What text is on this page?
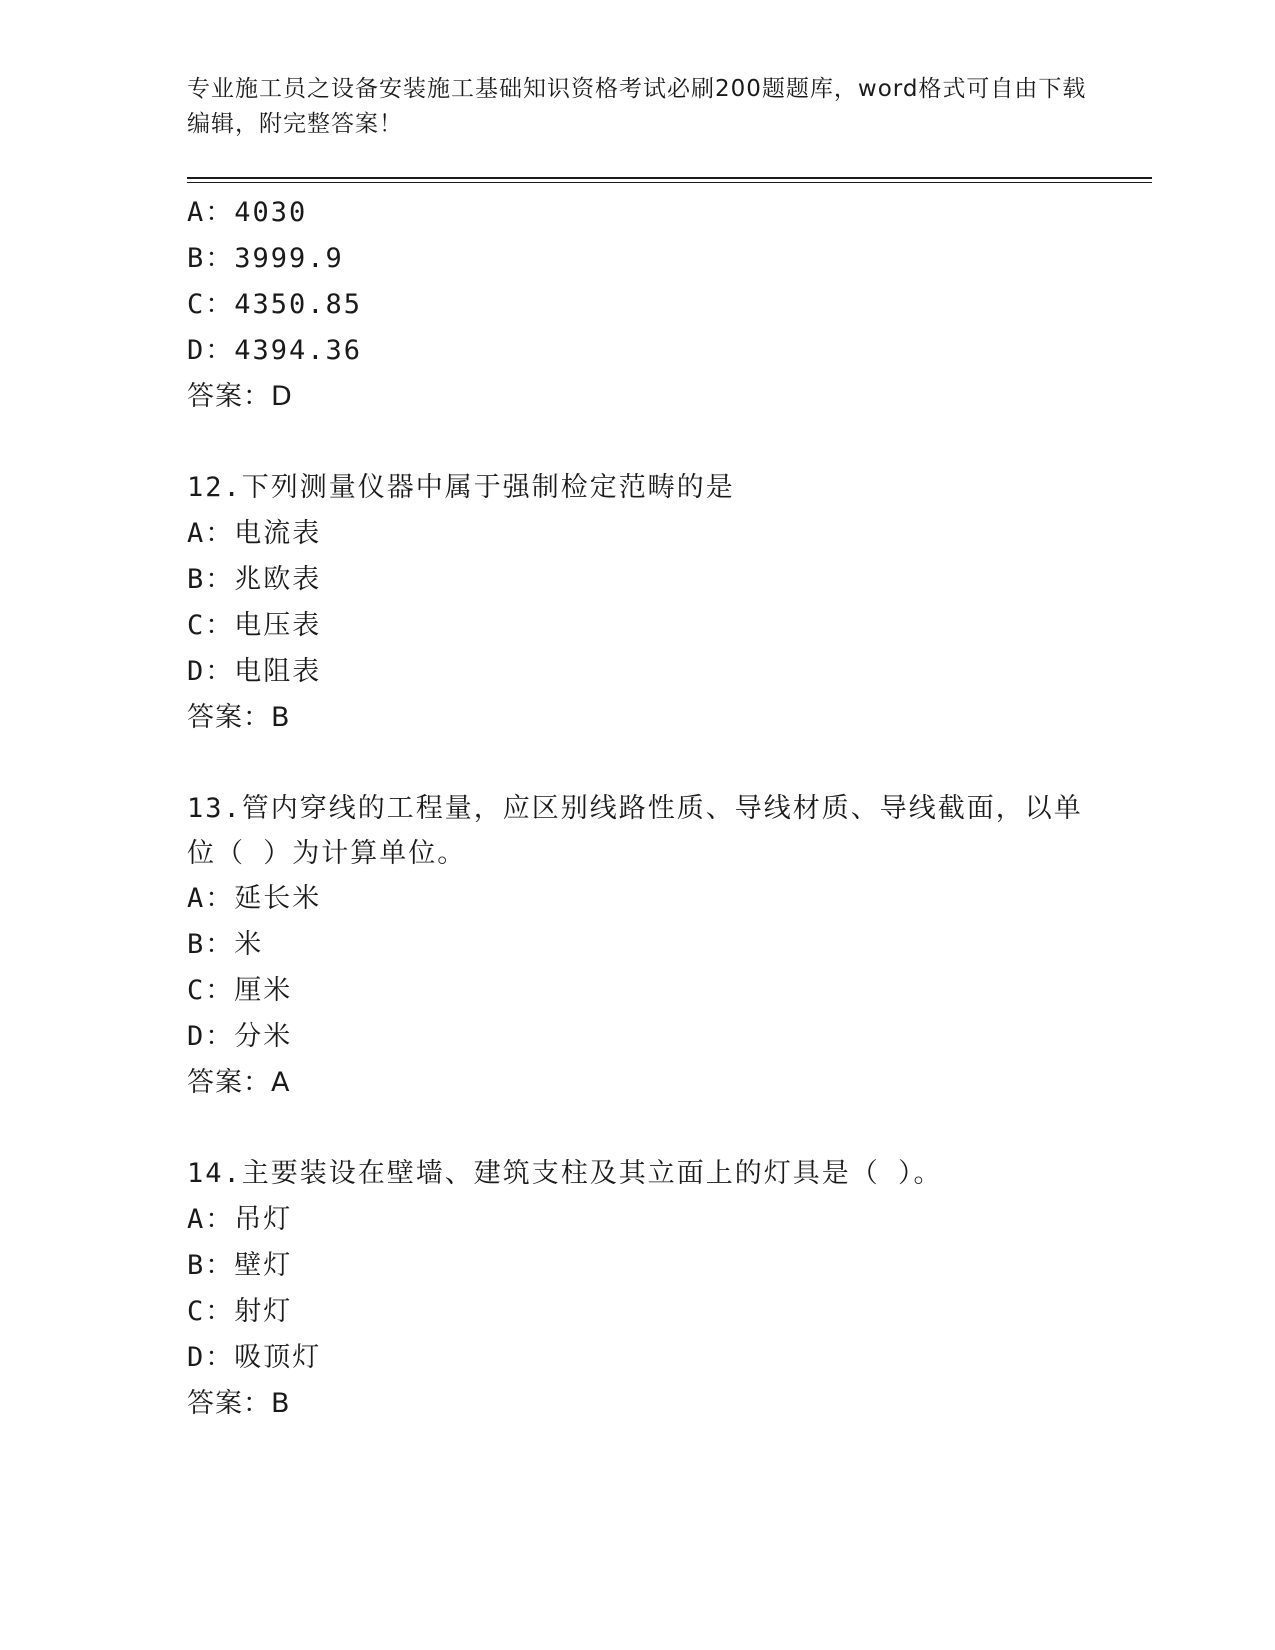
专业施工员之设备安装施工基础知识资格考试必刷200题题库，word格式可自由下载编辑，附完整答案！
A：4030
B：3999.9
C：4350.85
D：4394.36
答案：D
12.下列测量仪器中属于强制检定范畴的是
A：电流表
B：兆欧表
C：电压表
D：电阻表
答案：B
13.管内穿线的工程量，应区别线路性质、导线材质、导线截面，以单位（ ）为计算单位。
A：延长米
B：米
C：厘米
D：分米
答案：A
14.主要装设在壁墙、建筑支柱及其立面上的灯具是（ ）。
A：吊灯
B：壁灯
C：射灯
D：吸顶灯
答案：B
